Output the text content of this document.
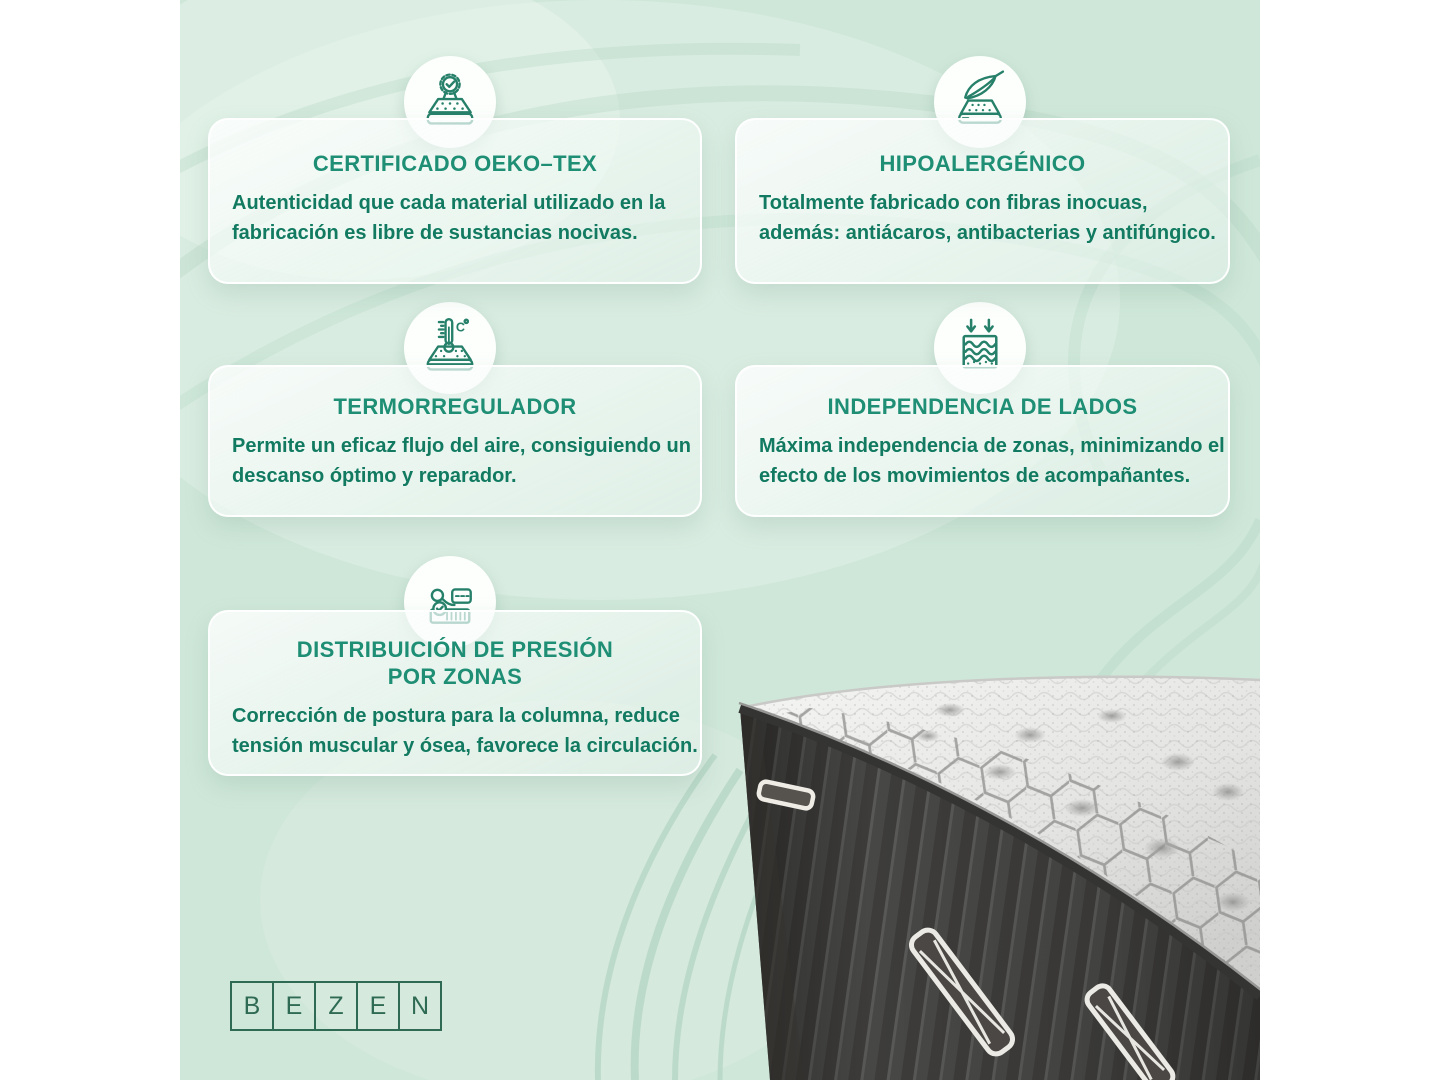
C
CERTIFICADO OEKO–TEX
Autenticidad que cada material utilizado en la
fabricación es libre de sustancias nocivas.
HIPOALERGÉNICO
Totalmente fabricado con fibras inocuas,
además: antiácaros, antibacterias y antifúngico.
TERMORREGULADOR
Permite un eficaz flujo del aire, consiguiendo un
descanso óptimo y reparador.
INDEPENDENCIA DE LADOS
Máxima independencia de zonas, minimizando el
efecto de los movimientos de acompañantes.
DISTRIBUICIÓN DE PRESIÓN POR ZONAS
Corrección de postura para la columna, reduce
tensión muscular y ósea, favorece la circulación.
B	E	Z	E N
